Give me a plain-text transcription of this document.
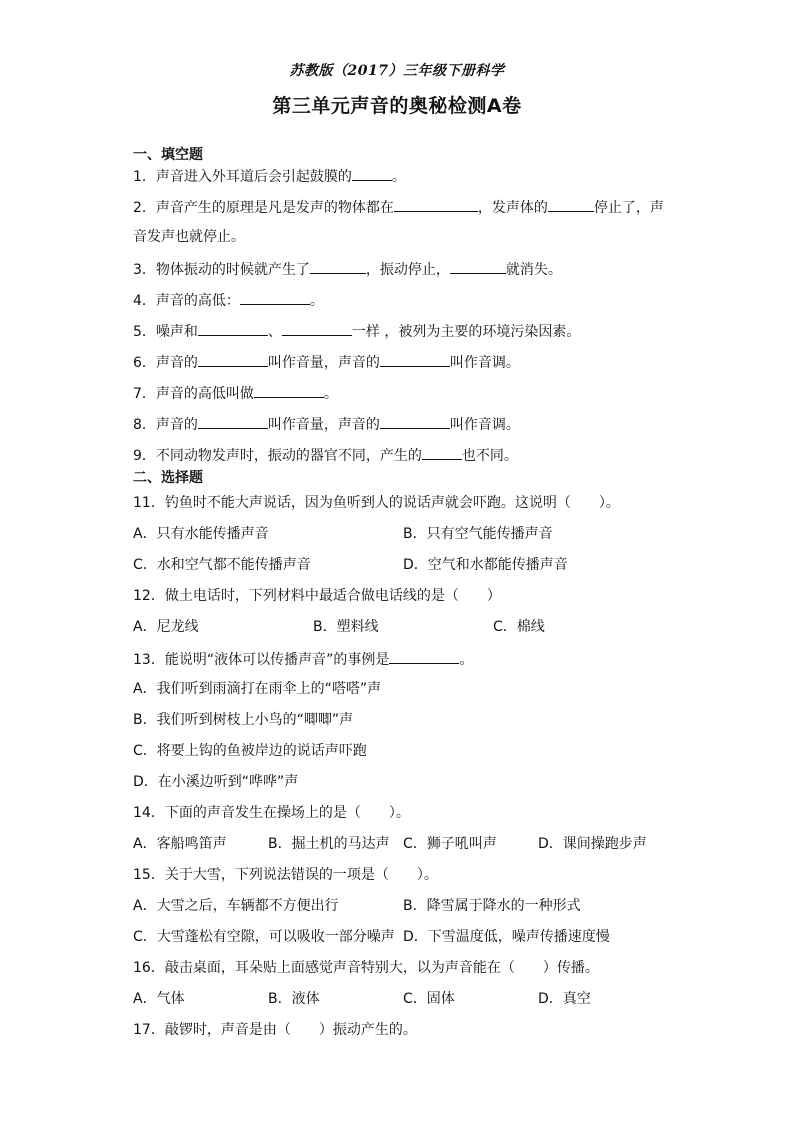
苏教版（2017）三年级下册科学
第三单元声音的奥秘检测A卷
一、填空题
1．声音进入外耳道后会引起鼓膜的	。
2．声音产生的原理是凡是发声的物体都在	，发声体的	停止了，声
音发声也就停止。
3．物体振动的时候就产生了	，振动停止，	就消失。
4．声音的高低：	。
5．噪声和	、	一样 ，被列为主要的环境污染因素。
6．声音的	叫作音量，声音的	叫作音调。
7．声音的高低叫做	。
8．声音的	叫作音量，声音的	叫作音调。
9．不同动物发声时，振动的器官不同，产生的	也不同。
二、选择题
11．钓鱼时不能大声说话，因为鱼听到人的说话声就会吓跑。这说明（　　）。
A．只有水能传播声音	B．只有空气能传播声音
C．水和空气都不能传播声音	D．空气和水都能传播声音
12．做土电话时，下列材料中最适合做电话线的是（　　）
A．尼龙线	B．塑料线	C．棉线
13．能说明“液体可以传播声音”的事例是	。
A．我们听到雨滴打在雨伞上的“嗒嗒”声
B．我们听到树枝上小鸟的“唧唧”声
C．将要上钩的鱼被岸边的说话声吓跑
D．在小溪边听到“哗哗”声
14．下面的声音发生在操场上的是（　　）。
A．客船鸣笛声	B．掘土机的马达声 C．狮子吼叫声	D．课间操跑步声
15．关于大雪，下列说法错误的一项是（　　）。
A．大雪之后，车辆都不方便出行	B．降雪属于降水的一种形式
C．大雪蓬松有空隙，可以吸收一部分噪声 D．下雪温度低，噪声传播速度慢
16．敲击桌面，耳朵贴上面感觉声音特别大，以为声音能在（　　）传播。
A．气体	B．液体	C．固体	D．真空
17．敲锣时，声音是由（　　）振动产生的。
